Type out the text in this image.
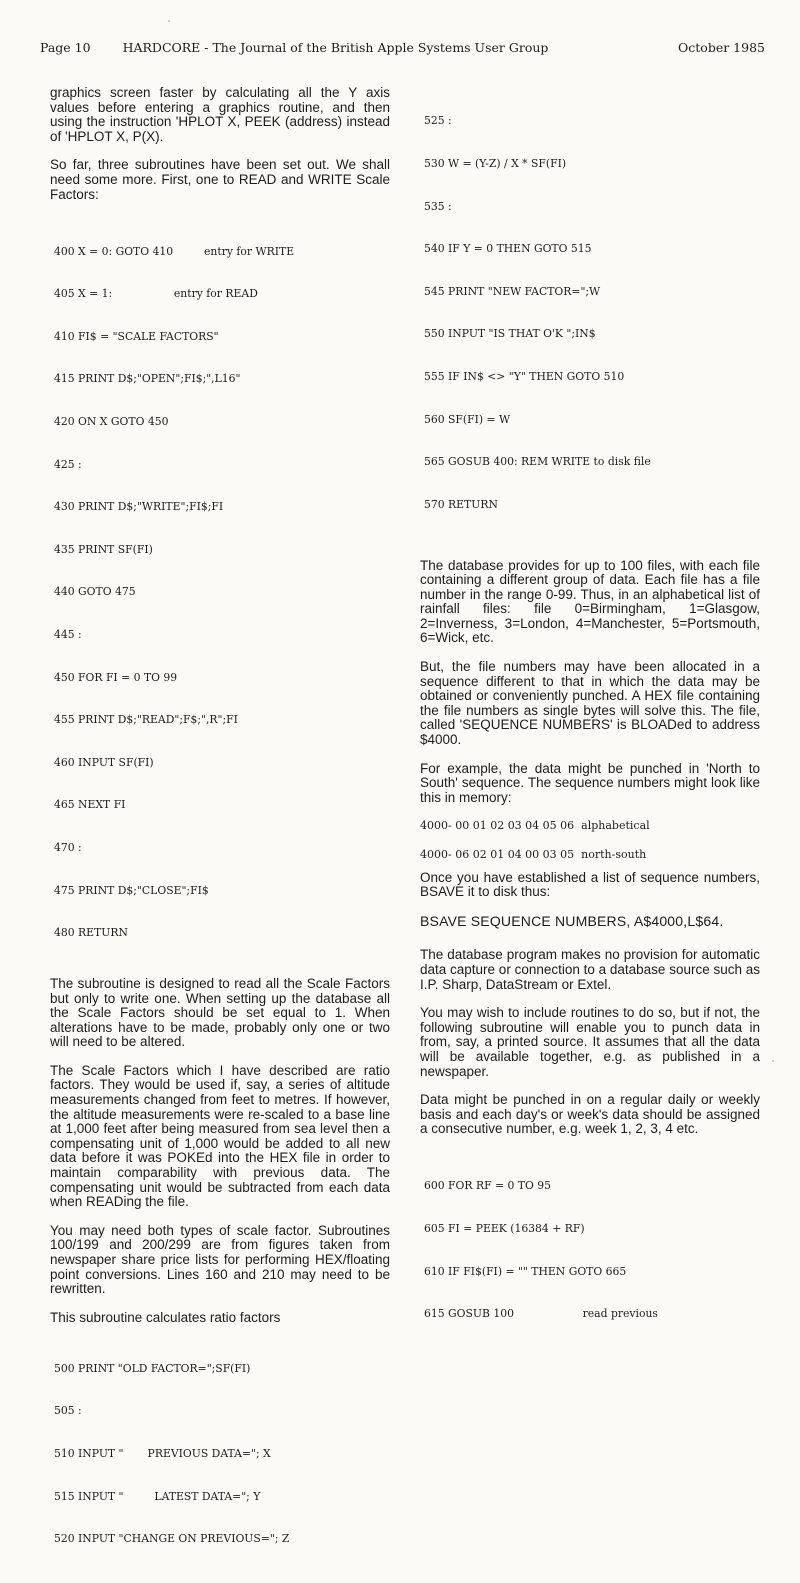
Page 10	HARDCORE - The Journal of the British Apple Systems User Group	October 1985

graphics screen faster by calculating all the Y axis values before entering a graphics routine, and then using the instruction 'HPLOT X, PEEK (address) instead of 'HPLOT X, P(X).

So far, three subroutines have been set out. We shall need some more. First, one to READ and WRITE Scale Factors:

400 X = 0: GOTO 410         entry for WRITE

405 X = 1:                  entry for READ

410 FI$ = "SCALE FACTORS"

415 PRINT D$;"OPEN";FI$;",L16"

420 ON X GOTO 450

425 :

430 PRINT D$;"WRITE";FI$;FI

435 PRINT SF(FI)

440 GOTO 475

445 :

450 FOR FI = 0 TO 99

455 PRINT D$;"READ";F$;",R";FI

460 INPUT SF(FI)

465 NEXT FI

470 :

475 PRINT D$;"CLOSE";FI$

480 RETURN

The subroutine is designed to read all the Scale Factors but only to write one. When setting up the database all the Scale Factors should be set equal to 1. When alterations have to be made, probably only one or two will need to be altered.

The Scale Factors which I have described are ratio factors. They would be used if, say, a series of altitude measurements changed from feet to metres. If however, the altitude measurements were re-scaled to a base line at 1,000 feet after being measured from sea level then a compensating unit of 1,000 would be added to all new data before it was POKEd into the HEX file in order to maintain comparability with previous data. The compensating unit would be subtracted from each data when READing the file.

You may need both types of scale factor. Subroutines 100/199 and 200/299 are from figures taken from newspaper share price lists for performing HEX/floating point conversions. Lines 160 and 210 may need to be rewritten.

This subroutine calculates ratio factors

500 PRINT "OLD FACTOR=";SF(FI)

505 :

510 INPUT "       PREVIOUS DATA="; X

515 INPUT "         LATEST DATA="; Y

520 INPUT "CHANGE ON PREVIOUS="; Z

525 :

530 W = (Y-Z) / X * SF(FI)

535 :

540 IF Y = 0 THEN GOTO 515

545 PRINT "NEW FACTOR=";W

550 INPUT "IS THAT O'K ";IN$

555 IF IN$ <> "Y" THEN GOTO 510

560 SF(FI) = W

565 GOSUB 400: REM WRITE to disk file

570 RETURN

The database provides for up to 100 files, with each file containing a different group of data. Each file has a file number in the range 0-99. Thus, in an alphabetical list of rainfall files: file 0=Birmingham, 1=Glasgow, 2=Inverness, 3=London, 4=Manchester, 5=Portsmouth, 6=Wick, etc.

But, the file numbers may have been allocated in a sequence different to that in which the data may be obtained or conveniently punched. A HEX file containing the file numbers as single bytes will solve this. The file, called 'SEQUENCE NUMBERS' is BLOADed to address $4000.

For example, the data might be punched in 'North to South' sequence. The sequence numbers might look like this in memory:

4000- 00 01 02 03 04 05 06  alphabetical
4000- 06 02 01 04 00 03 05  north-south

Once you have established a list of sequence numbers, BSAVE it to disk thus:

BSAVE SEQUENCE NUMBERS, A$4000,L$64.

The database program makes no provision for automatic data capture or connection to a database source such as I.P. Sharp, DataStream or Extel.

You may wish to include routines to do so, but if not, the following subroutine will enable you to punch data in from, say, a printed source. It assumes that all the data will be available together, e.g. as published in a newspaper.

Data might be punched in on a regular daily or weekly basis and each day's or week's data should be assigned a consecutive number, e.g. week 1, 2, 3, 4 etc.

600 FOR RF = 0 TO 95

605 FI = PEEK (16384 + RF)

610 IF FI$(FI) = "" THEN GOTO 665

615 GOSUB 100                    read previous
